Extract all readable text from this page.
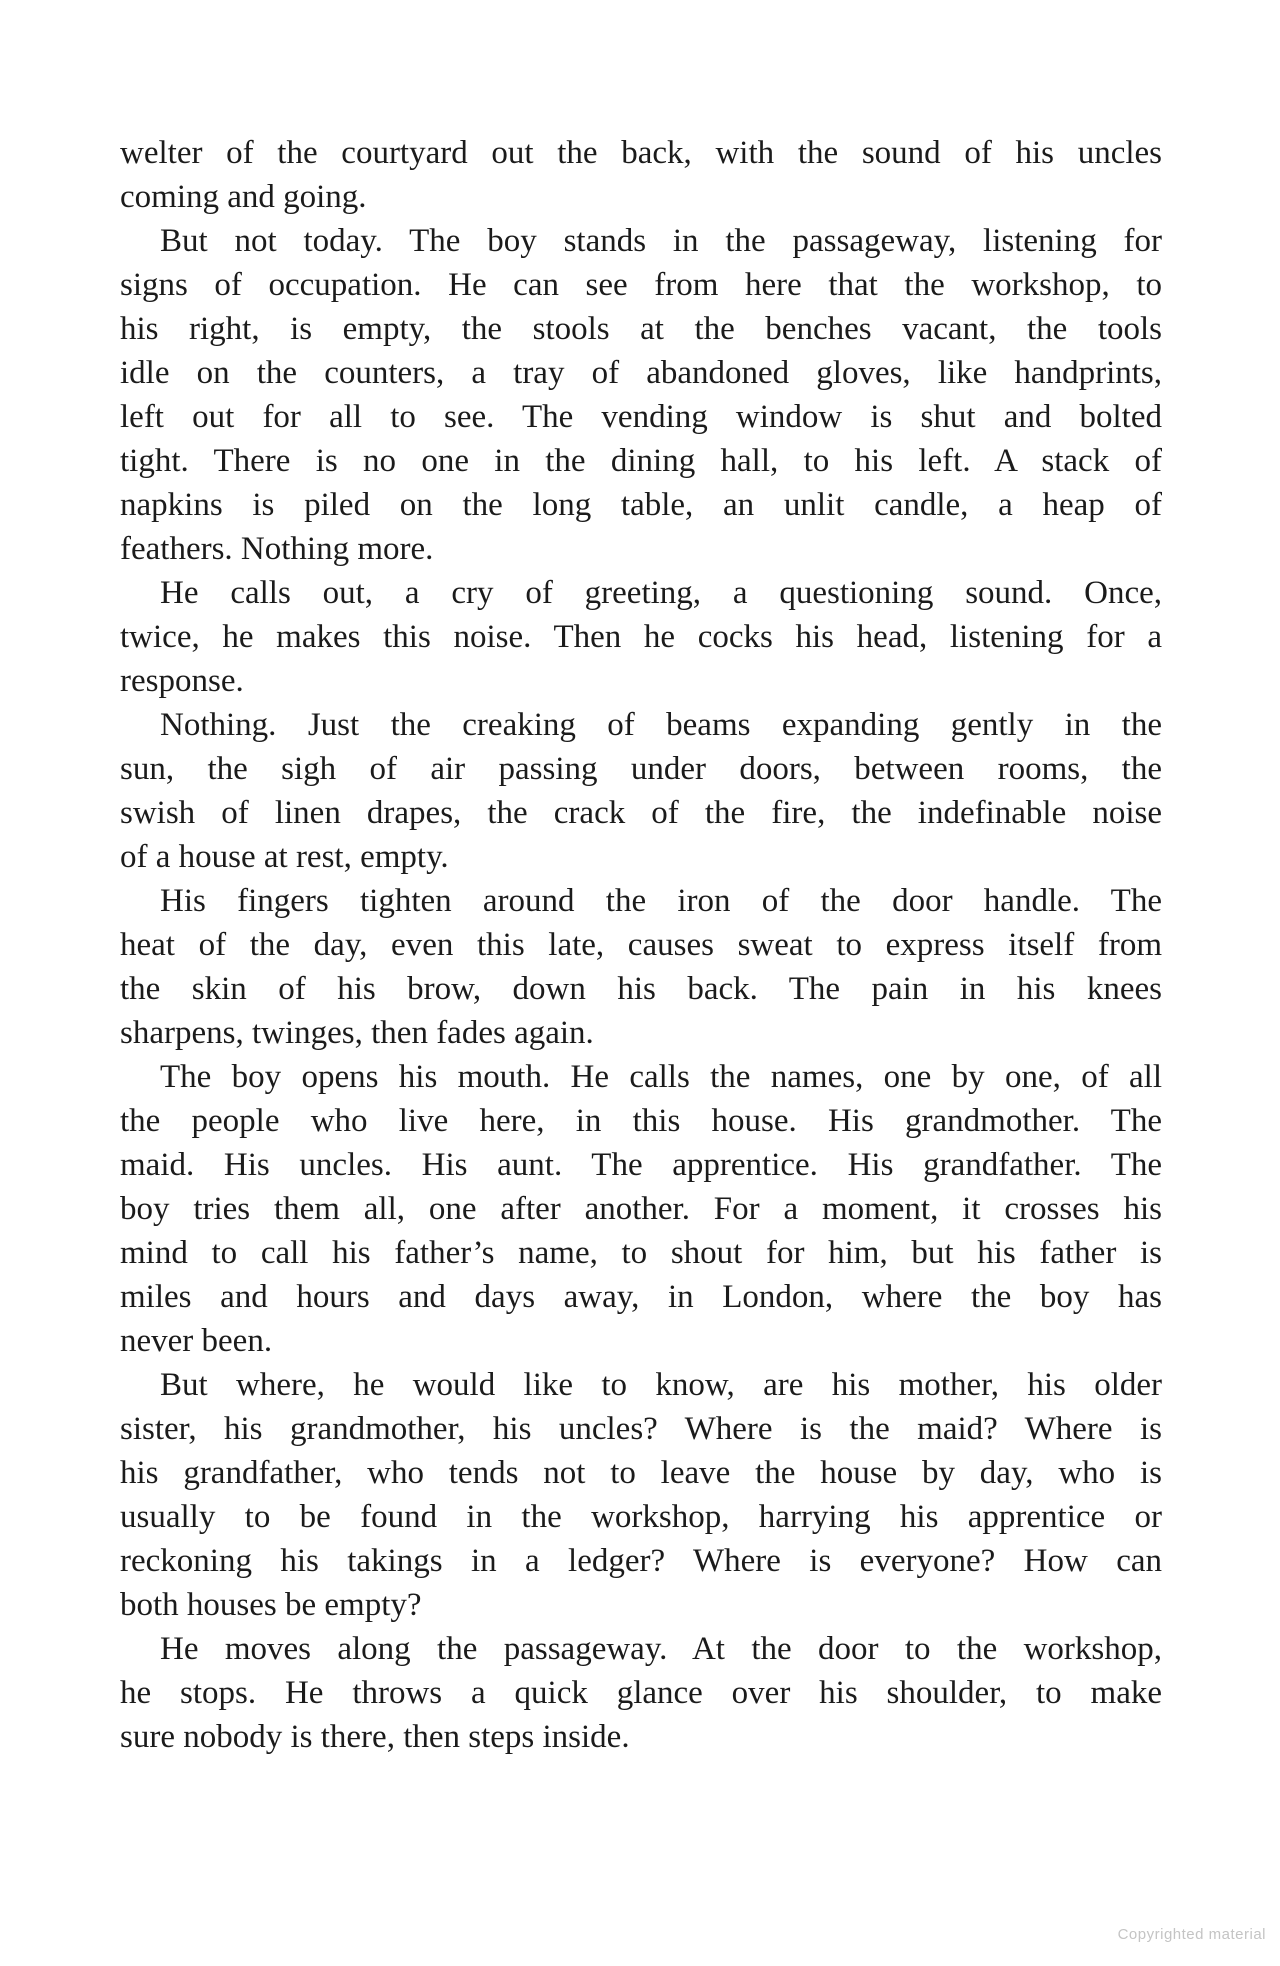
welter of the courtyard out the back, with the sound of his uncles
coming and going.
But not today. The boy stands in the passageway, listening for
signs of occupation. He can see from here that the workshop, to
his right, is empty, the stools at the benches vacant, the tools
idle on the counters, a tray of abandoned gloves, like handprints,
left out for all to see. The vending window is shut and bolted
tight. There is no one in the dining hall, to his left. A stack of
napkins is piled on the long table, an unlit candle, a heap of
feathers. Nothing more.
He calls out, a cry of greeting, a questioning sound. Once,
twice, he makes this noise. Then he cocks his head, listening for a
response.
Nothing. Just the creaking of beams expanding gently in the
sun, the sigh of air passing under doors, between rooms, the
swish of linen drapes, the crack of the fire, the indefinable noise
of a house at rest, empty.
His fingers tighten around the iron of the door handle. The
heat of the day, even this late, causes sweat to express itself from
the skin of his brow, down his back. The pain in his knees
sharpens, twinges, then fades again.
The boy opens his mouth. He calls the names, one by one, of all
the people who live here, in this house. His grandmother. The
maid. His uncles. His aunt. The apprentice. His grandfather. The
boy tries them all, one after another. For a moment, it crosses his
mind to call his father’s name, to shout for him, but his father is
miles and hours and days away, in London, where the boy has
never been.
But where, he would like to know, are his mother, his older
sister, his grandmother, his uncles? Where is the maid? Where is
his grandfather, who tends not to leave the house by day, who is
usually to be found in the workshop, harrying his apprentice or
reckoning his takings in a ledger? Where is everyone? How can
both houses be empty?
He moves along the passageway. At the door to the workshop,
he stops. He throws a quick glance over his shoulder, to make
sure nobody is there, then steps inside.
Copyrighted material
